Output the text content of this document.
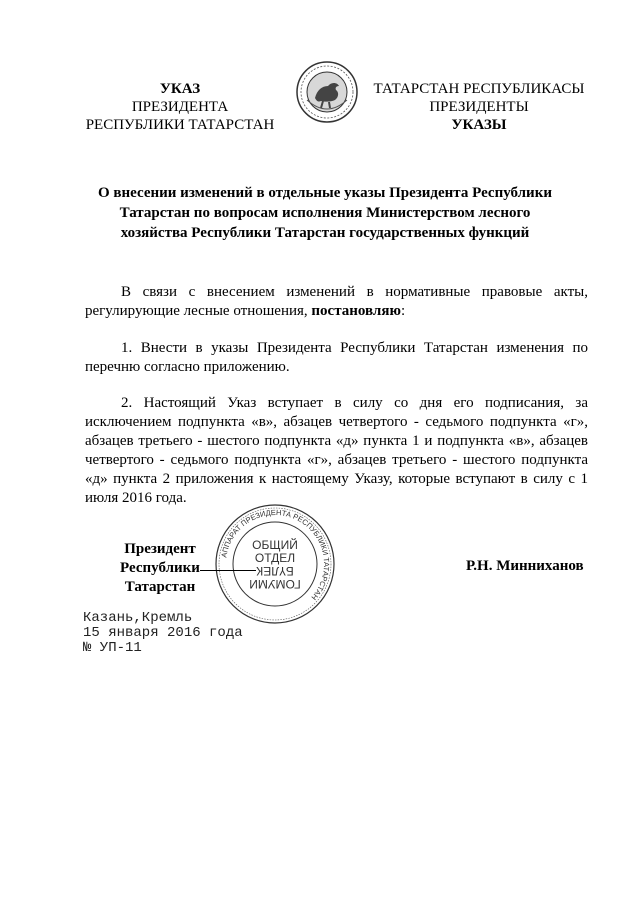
УКАЗ
ПРЕЗИДЕНТА
РЕСПУБЛИКИ ТАТАРСТАН
ТАТАРСТАН РЕСПУБЛИКАСЫ
ПРЕЗИДЕНТЫ
УКАЗЫ
О внесении изменений в отдельные указы Президента Республики Татарстан по вопросам исполнения Министерством лесного хозяйства Республики Татарстан государственных функций
В связи с внесением изменений в нормативные правовые акты, регулирующие лесные отношения, постановляю:
1. Внести в указы Президента Республики Татарстан изменения по перечню согласно приложению.
2. Настоящий Указ вступает в силу со дня его подписания, за исключением подпункта «в», абзацев четвертого - седьмого подпункта «г», абзацев третьего - шестого подпункта «д» пункта 1 и подпункта «в», абзацев четвертого - седьмого подпункта «г», абзацев третьего - шестого подпункта «д» пункта 2 приложения к настоящему Указу, которые вступают в силу с 1 июля 2016 года.
АППАРАТ ПРЕЗИДЕНТА РЕСПУБЛИКИ ТАТАРСТАН
ОБЩИЙ
ОТДЕЛ
БҮЛЕК
ГОМУМИ
Президент
Республики Татарстан
Р.Н. Минниханов
Казань,Кремль
15 января 2016 года
№ УП-11
